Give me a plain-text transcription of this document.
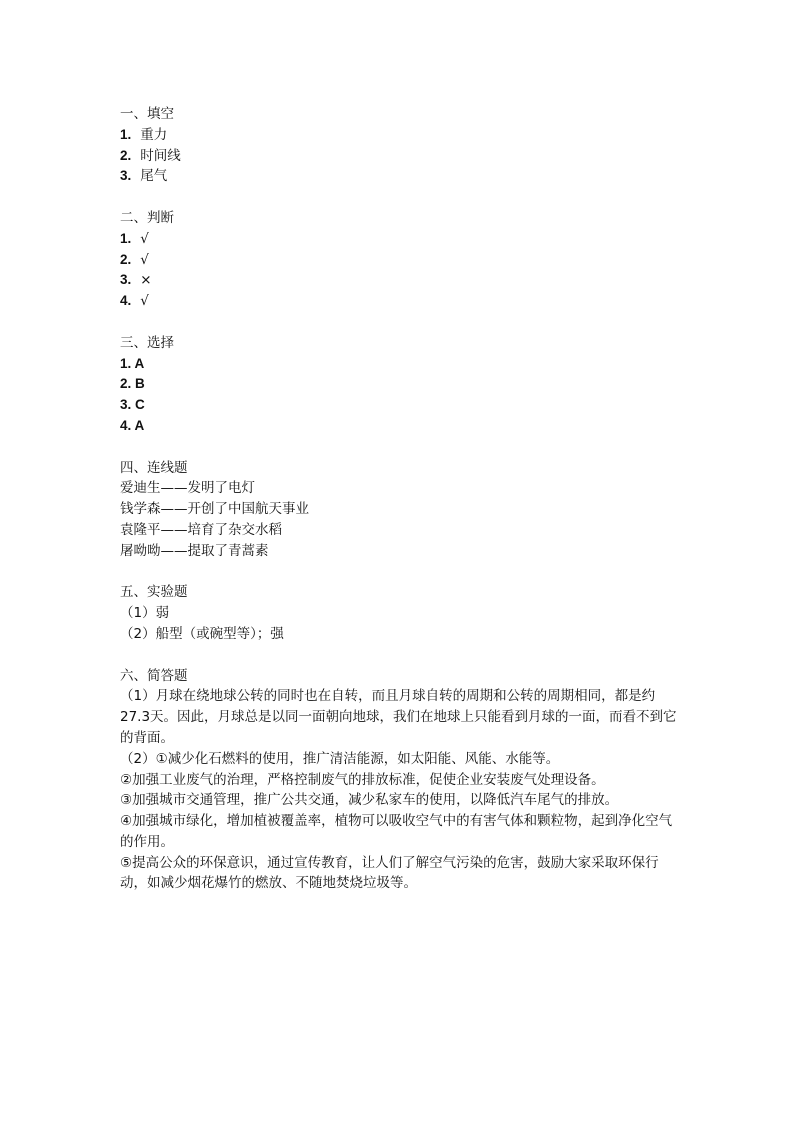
一、填空
1. 重力
2. 时间线
3. 尾气
二、判断
1. √
2. √
3. ×
4. √
三、选择
1. A
2. B
3. C
4. A
四、连线题
爱迪生——发明了电灯
钱学森——开创了中国航天事业
袁隆平——培育了杂交水稻
屠呦呦——提取了青蒿素
五、实验题
（1）弱
（2）船型（或碗型等）；强
六、简答题
（1）月球在绕地球公转的同时也在自转，而且月球自转的周期和公转的周期相同，都是约27.3天。因此，月球总是以同一面朝向地球，我们在地球上只能看到月球的一面，而看不到它的背面。
（2）①减少化石燃料的使用，推广清洁能源，如太阳能、风能、水能等。
②加强工业废气的治理，严格控制废气的排放标准，促使企业安装废气处理设备。
③加强城市交通管理，推广公共交通，减少私家车的使用，以降低汽车尾气的排放。
④加强城市绿化，增加植被覆盖率，植物可以吸收空气中的有害气体和颗粒物，起到净化空气的作用。
⑤提高公众的环保意识，通过宣传教育，让人们了解空气污染的危害，鼓励大家采取环保行动，如减少烟花爆竹的燃放、不随地焚烧垃圾等。
